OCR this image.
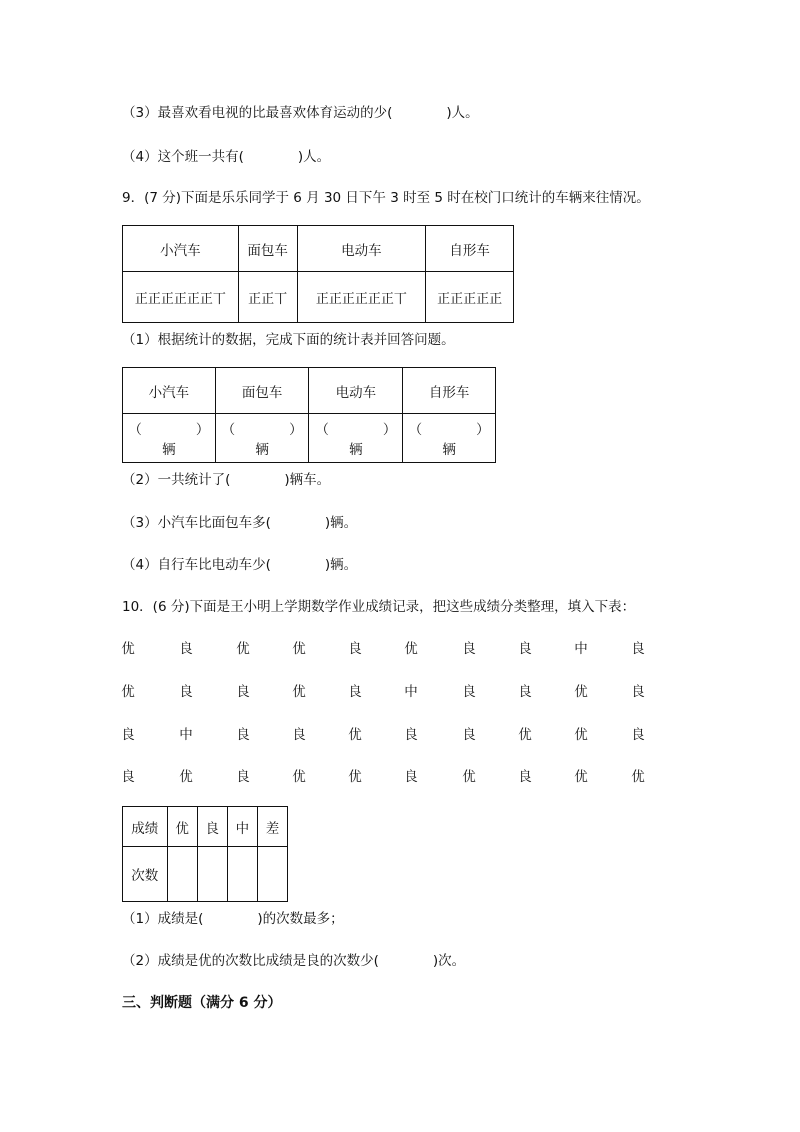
（3）最喜欢看电视的比最喜欢体育运动的少(　　　　)人。
（4）这个班一共有(　　　　)人。
9．(7 分)下面是乐乐同学于 6 月 30 日下午 3 时至 5 时在校门口统计的车辆来往情况。
小汽车	面包车	电动车	自形车
正正正正正正丅	正正丅	正正正正正正丅	正正正正正
（1）根据统计的数据，完成下面的统计表并回答问题。
小汽车	面包车	电动车	自形车
（　　　　）辆	（　　　　）辆	（　　　　）辆	（　　　　）辆
（2）一共统计了(　　　　)辆车。
（3）小汽车比面包车多(　　　　)辆。
（4）自行车比电动车少(　　　　)辆。
10．(6 分)下面是王小明上学期数学作业成绩记录，把这些成绩分类整理，填入下表：
优	良	优	优	良	优	良	良	中	良
优	良	良	优	良	中	良	良	优	良
良	中	良	良	优	良	良	优	优	良
良	优	良	优	优	良	优	良	优	优
成绩	优	良	中	差
次数				
（1）成绩是(　　　　)的次数最多；
（2）成绩是优的次数比成绩是良的次数少(　　　　)次。
三、判断题（满分 6 分）
